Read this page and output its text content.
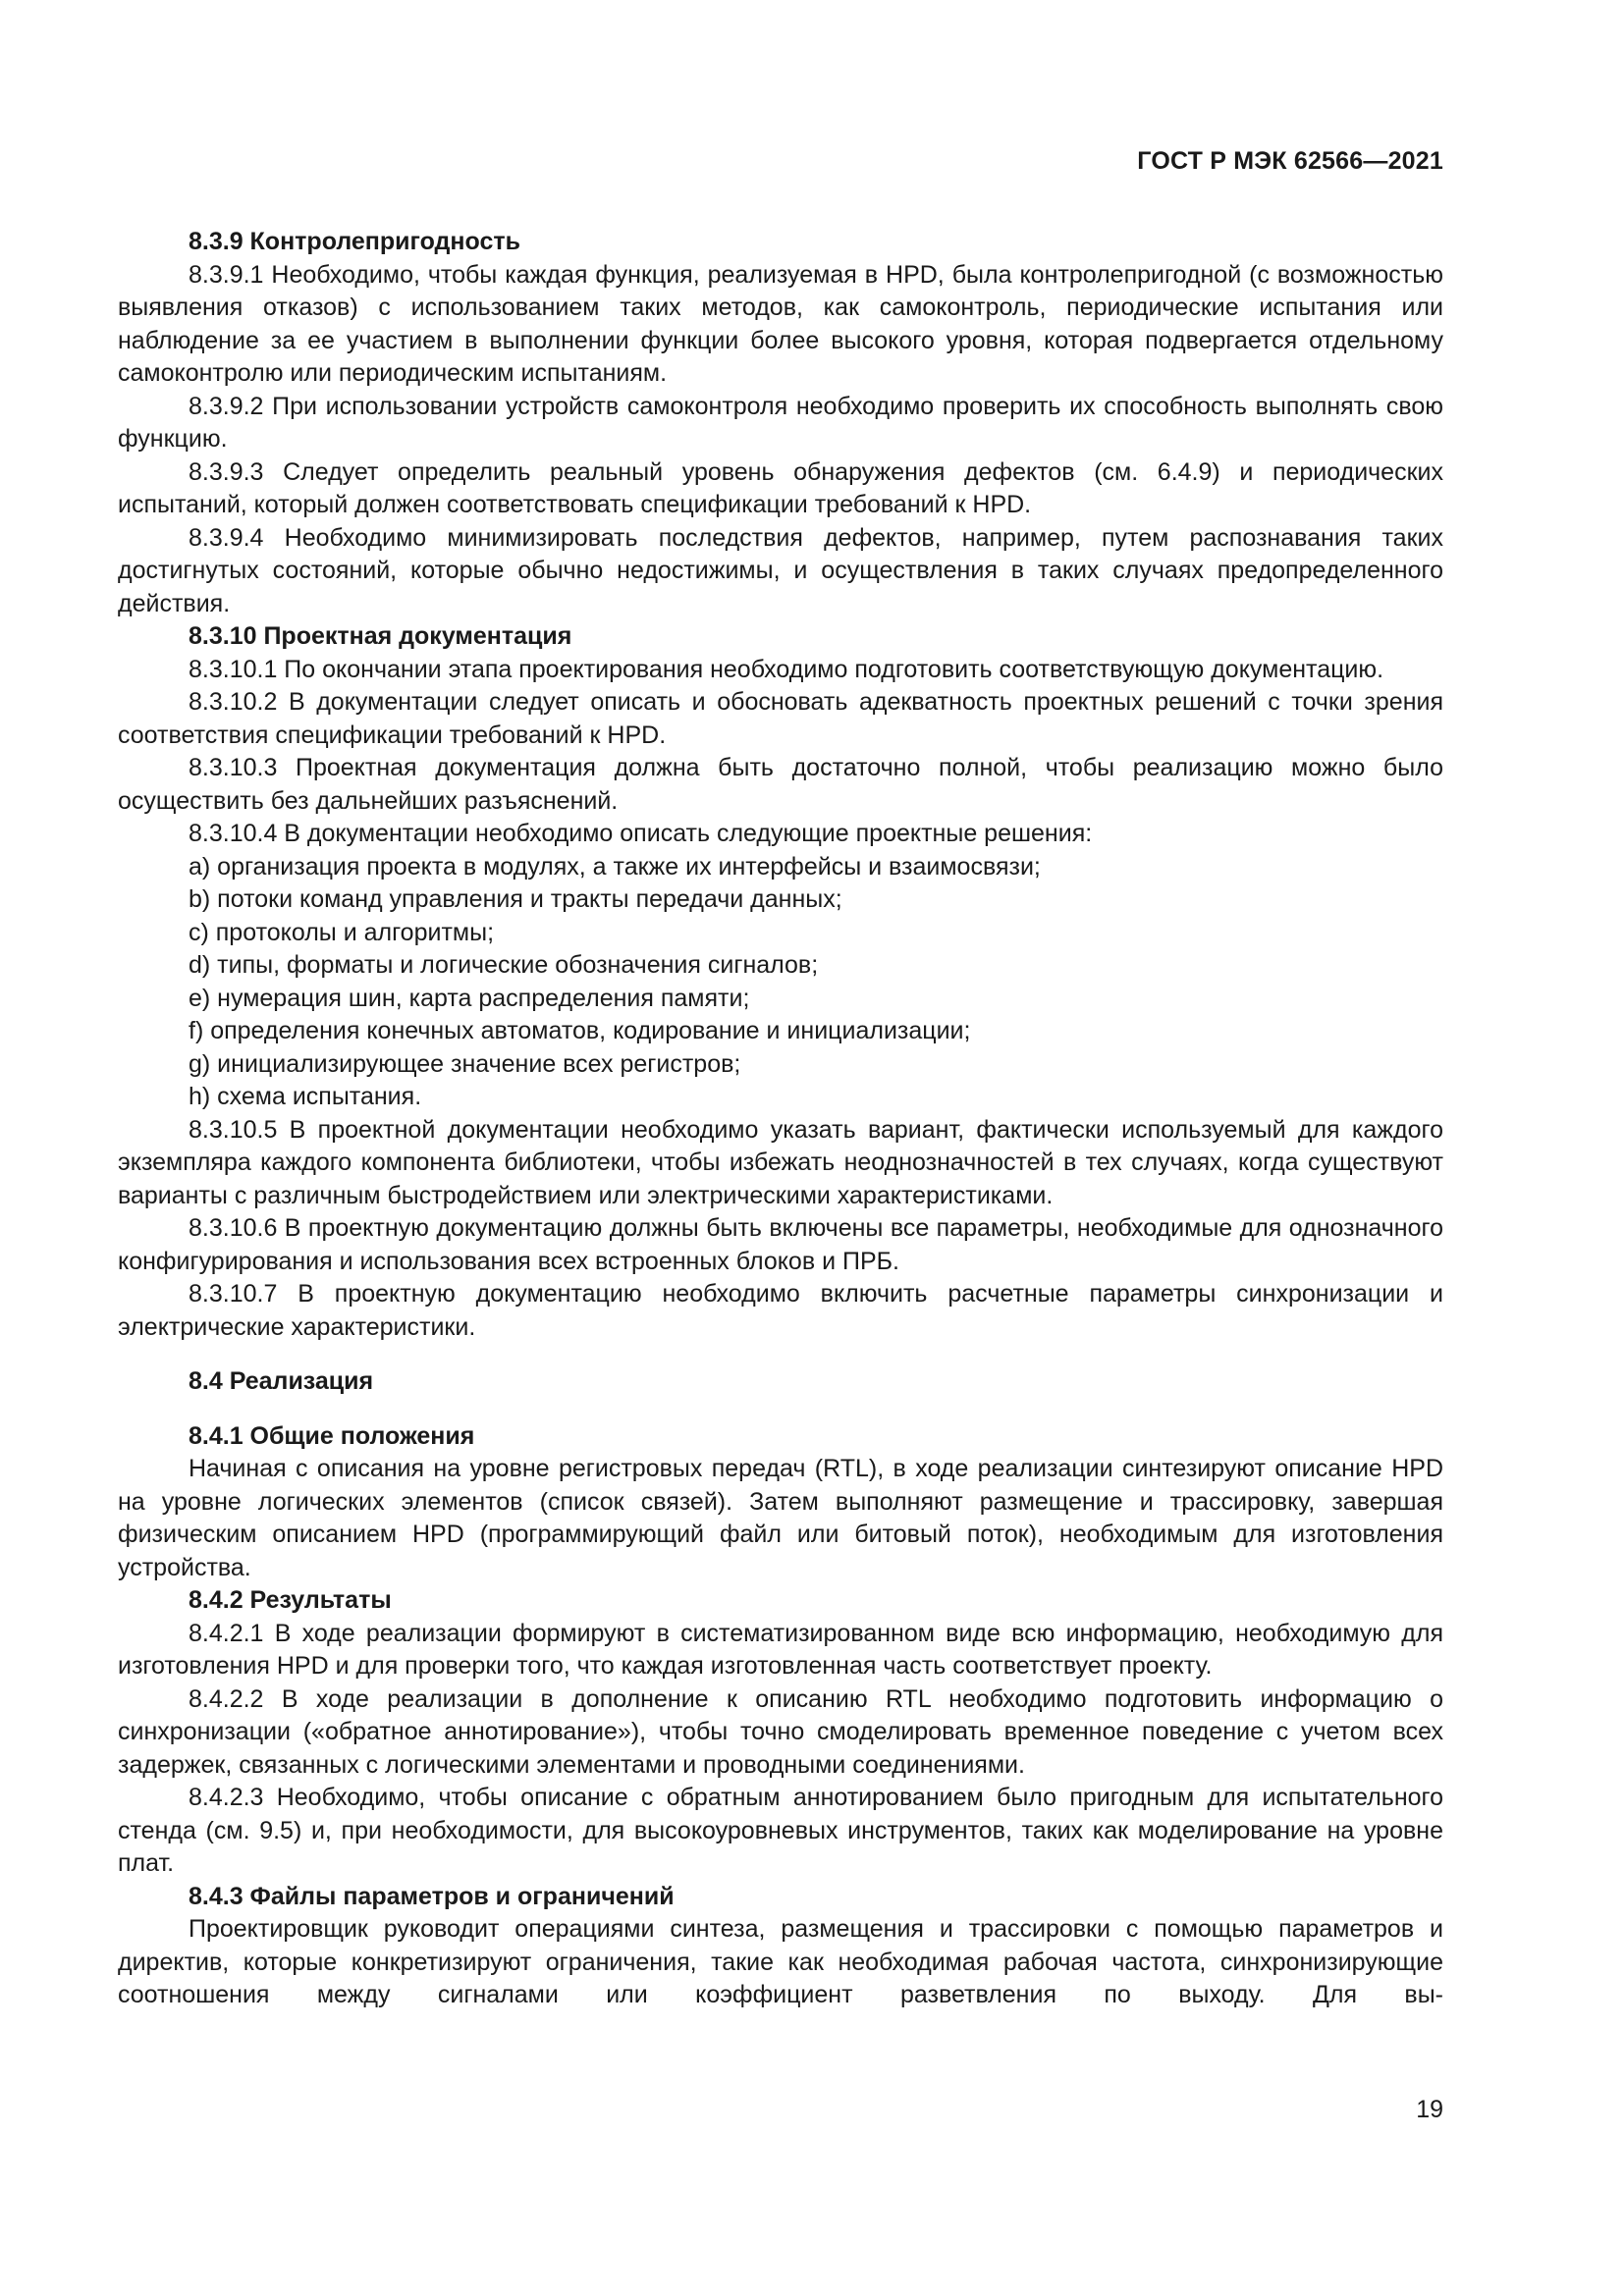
ГОСТ Р МЭК 62566—2021

8.3.9 Контролепригодность

8.3.9.1 Необходимо, чтобы каждая функция, реализуемая в HPD, была контролепригодной (с возможностью выявления отказов) с использованием таких методов, как самоконтроль, периодические испытания или наблюдение за ее участием в выполнении функции более высокого уровня, которая подвергается отдельному самоконтролю или периодическим испытаниям.

8.3.9.2 При использовании устройств самоконтроля необходимо проверить их способность выполнять свою функцию.

8.3.9.3 Следует определить реальный уровень обнаружения дефектов (см. 6.4.9) и периодических испытаний, который должен соответствовать спецификации требований к HPD.

8.3.9.4 Необходимо минимизировать последствия дефектов, например, путем распознавания таких достигнутых состояний, которые обычно недостижимы, и осуществления в таких случаях предопределенного действия.

8.3.10 Проектная документация

8.3.10.1 По окончании этапа проектирования необходимо подготовить соответствующую документацию.

8.3.10.2 В документации следует описать и обосновать адекватность проектных решений с точки зрения соответствия спецификации требований к HPD.

8.3.10.3 Проектная документация должна быть достаточно полной, чтобы реализацию можно было осуществить без дальнейших разъяснений.

8.3.10.4 В документации необходимо описать следующие проектные решения:

a) организация проекта в модулях, а также их интерфейсы и взаимосвязи;

b) потоки команд управления и тракты передачи данных;

c) протоколы и алгоритмы;

d) типы, форматы и логические обозначения сигналов;

e) нумерация шин, карта распределения памяти;

f) определения конечных автоматов, кодирование и инициализации;

g) инициализирующее значение всех регистров;

h) схема испытания.

8.3.10.5 В проектной документации необходимо указать вариант, фактически используемый для каждого экземпляра каждого компонента библиотеки, чтобы избежать неоднозначностей в тех случаях, когда существуют варианты с различным быстродействием или электрическими характеристиками.

8.3.10.6 В проектную документацию должны быть включены все параметры, необходимые для однозначного конфигурирования и использования всех встроенных блоков и ПРБ.

8.3.10.7 В проектную документацию необходимо включить расчетные параметры синхронизации и электрические характеристики.

8.4 Реализация

8.4.1 Общие положения

Начиная с описания на уровне регистровых передач (RTL), в ходе реализации синтезируют описание HPD на уровне логических элементов (список связей). Затем выполняют размещение и трассировку, завершая физическим описанием HPD (программирующий файл или битовый поток), необходимым для изготовления устройства.

8.4.2 Результаты

8.4.2.1 В ходе реализации формируют в систематизированном виде всю информацию, необходимую для изготовления HPD и для проверки того, что каждая изготовленная часть соответствует проекту.

8.4.2.2 В ходе реализации в дополнение к описанию RTL необходимо подготовить информацию о синхронизации («обратное аннотирование»), чтобы точно смоделировать временное поведение с учетом всех задержек, связанных с логическими элементами и проводными соединениями.

8.4.2.3 Необходимо, чтобы описание с обратным аннотированием было пригодным для испытательного стенда (см. 9.5) и, при необходимости, для высокоуровневых инструментов, таких как моделирование на уровне плат.

8.4.3 Файлы параметров и ограничений

Проектировщик руководит операциями синтеза, размещения и трассировки с помощью параметров и директив, которые конкретизируют ограничения, такие как необходимая рабочая частота, синхронизирующие соотношения между сигналами или коэффициент разветвления по выходу. Для вы-

19
